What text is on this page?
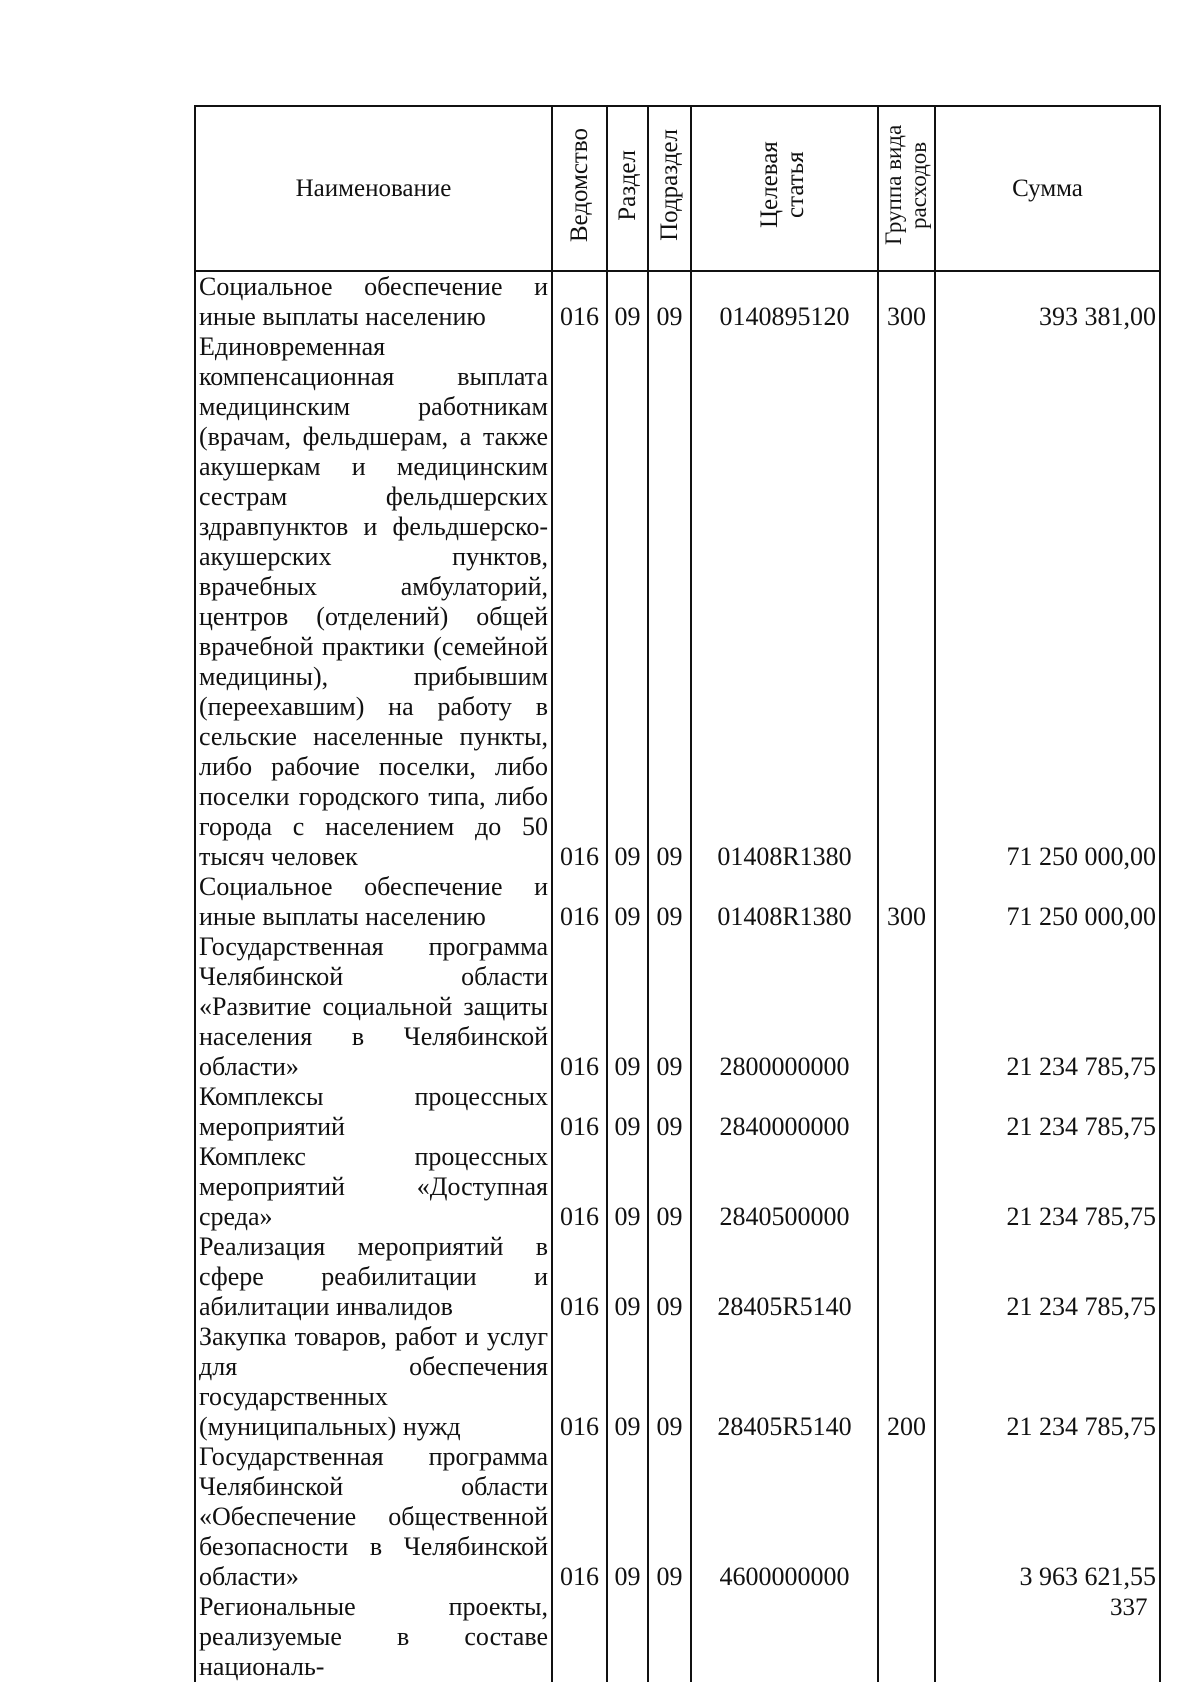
Наименование	Ведомство	Раздел	Подраздел	Целевая статья	Группа вида расходов	Сумма
Социальное обеспечение и иные выплаты населению	016	09	09	0140895120	300	393 381,00
Единовременная компенсационная выплата медицинским работникам (врачам, фельдшерам, а также акушеркам и медицинским сестрам фельдшерских здравпунктов и фельдшерско-акушерских пунктов, врачебных амбулаторий, центров (отделений) общей врачебной практики (семейной медицины), прибывшим (переехавшим) на работу в сельские населенные пункты, либо рабочие поселки, либо поселки городского типа, либо города с населением до 50 тысяч человек	016	09	09	01408R1380		71 250 000,00
Социальное обеспечение и иные выплаты населению	016	09	09	01408R1380	300	71 250 000,00
Государственная программа Челябинской области «Развитие социальной защиты населения в Челябинской области»	016	09	09	2800000000		21 234 785,75
Комплексы процессных мероприятий	016	09	09	2840000000		21 234 785,75
Комплекс процессных мероприятий «Доступная среда»	016	09	09	2840500000		21 234 785,75
Реализация мероприятий в сфере реабилитации и абилитации инвалидов	016	09	09	28405R5140		21 234 785,75
Закупка товаров, работ и услуг для обеспечения государственных (муниципальных) нужд	016	09	09	28405R5140	200	21 234 785,75
Государственная программа Челябинской области «Обеспечение общественной безопасности в Челябинской области»	016	09	09	4600000000		3 963 621,55
Региональные проекты, реализуемые в составе националь-						
337
